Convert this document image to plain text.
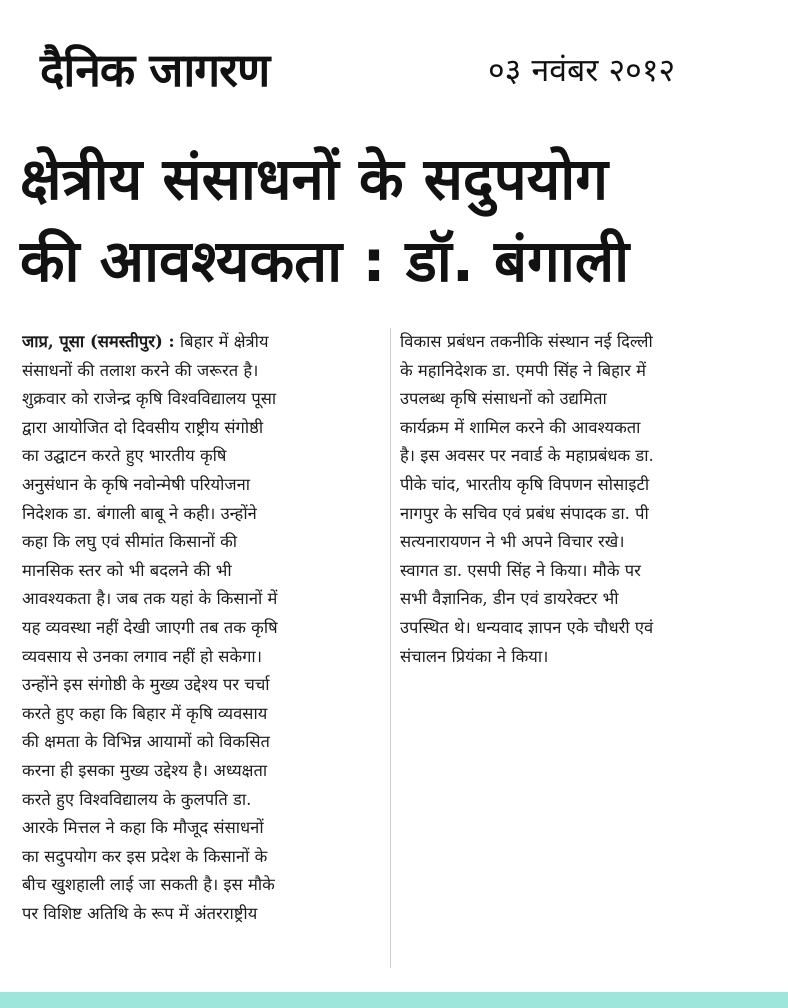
दैनिक जागरण	०३ नवंबर २०१२
क्षेत्रीय संसाधनों के सदुपयोग
की आवश्यकता : डॉ. बंगाली
जाप्र, पूसा (समस्तीपुर) : बिहार में क्षेत्रीय
संसाधनों की तलाश करने की जरूरत है।
शुक्रवार को राजेन्द्र कृषि विश्वविद्यालय पूसा
द्वारा आयोजित दो दिवसीय राष्ट्रीय संगोष्ठी
का उद्घाटन करते हुए भारतीय कृषि
अनुसंधान के कृषि नवोन्मेषी परियोजना
निदेशक डा. बंगाली बाबू ने कही। उन्होंने
कहा कि लघु एवं सीमांत किसानों की
मानसिक स्तर को भी बदलने की भी
आवश्यकता है। जब तक यहां के किसानों में
यह व्यवस्था नहीं देखी जाएगी तब तक कृषि
व्यवसाय से उनका लगाव नहीं हो सकेगा।
उन्होंने इस संगोष्ठी के मुख्य उद्देश्य पर चर्चा
करते हुए कहा कि बिहार में कृषि व्यवसाय
की क्षमता के विभिन्न आयामों को विकसित
करना ही इसका मुख्य उद्देश्य है। अध्यक्षता
करते हुए विश्वविद्यालय के कुलपति डा.
आरके मित्तल ने कहा कि मौजूद संसाधनों
का सदुपयोग कर इस प्रदेश के किसानों के
बीच खुशहाली लाई जा सकती है। इस मौके
पर विशिष्ट अतिथि के रूप में अंतरराष्ट्रीय
विकास प्रबंधन तकनीकि संस्थान नई दिल्ली
के महानिदेशक डा. एमपी सिंह ने बिहार में
उपलब्ध कृषि संसाधनों को उद्यमिता
कार्यक्रम में शामिल करने की आवश्यकता
है। इस अवसर पर नवार्ड के महाप्रबंधक डा.
पीके चांद, भारतीय कृषि विपणन सोसाइटी
नागपुर के सचिव एवं प्रबंध संपादक डा. पी
सत्यनारायणन ने भी अपने विचार रखे।
स्वागत डा. एसपी सिंह ने किया। मौके पर
सभी वैज्ञानिक, डीन एवं डायरेक्टर भी
उपस्थित थे। धन्यवाद ज्ञापन एके चौधरी एवं
संचालन प्रियंका ने किया।
